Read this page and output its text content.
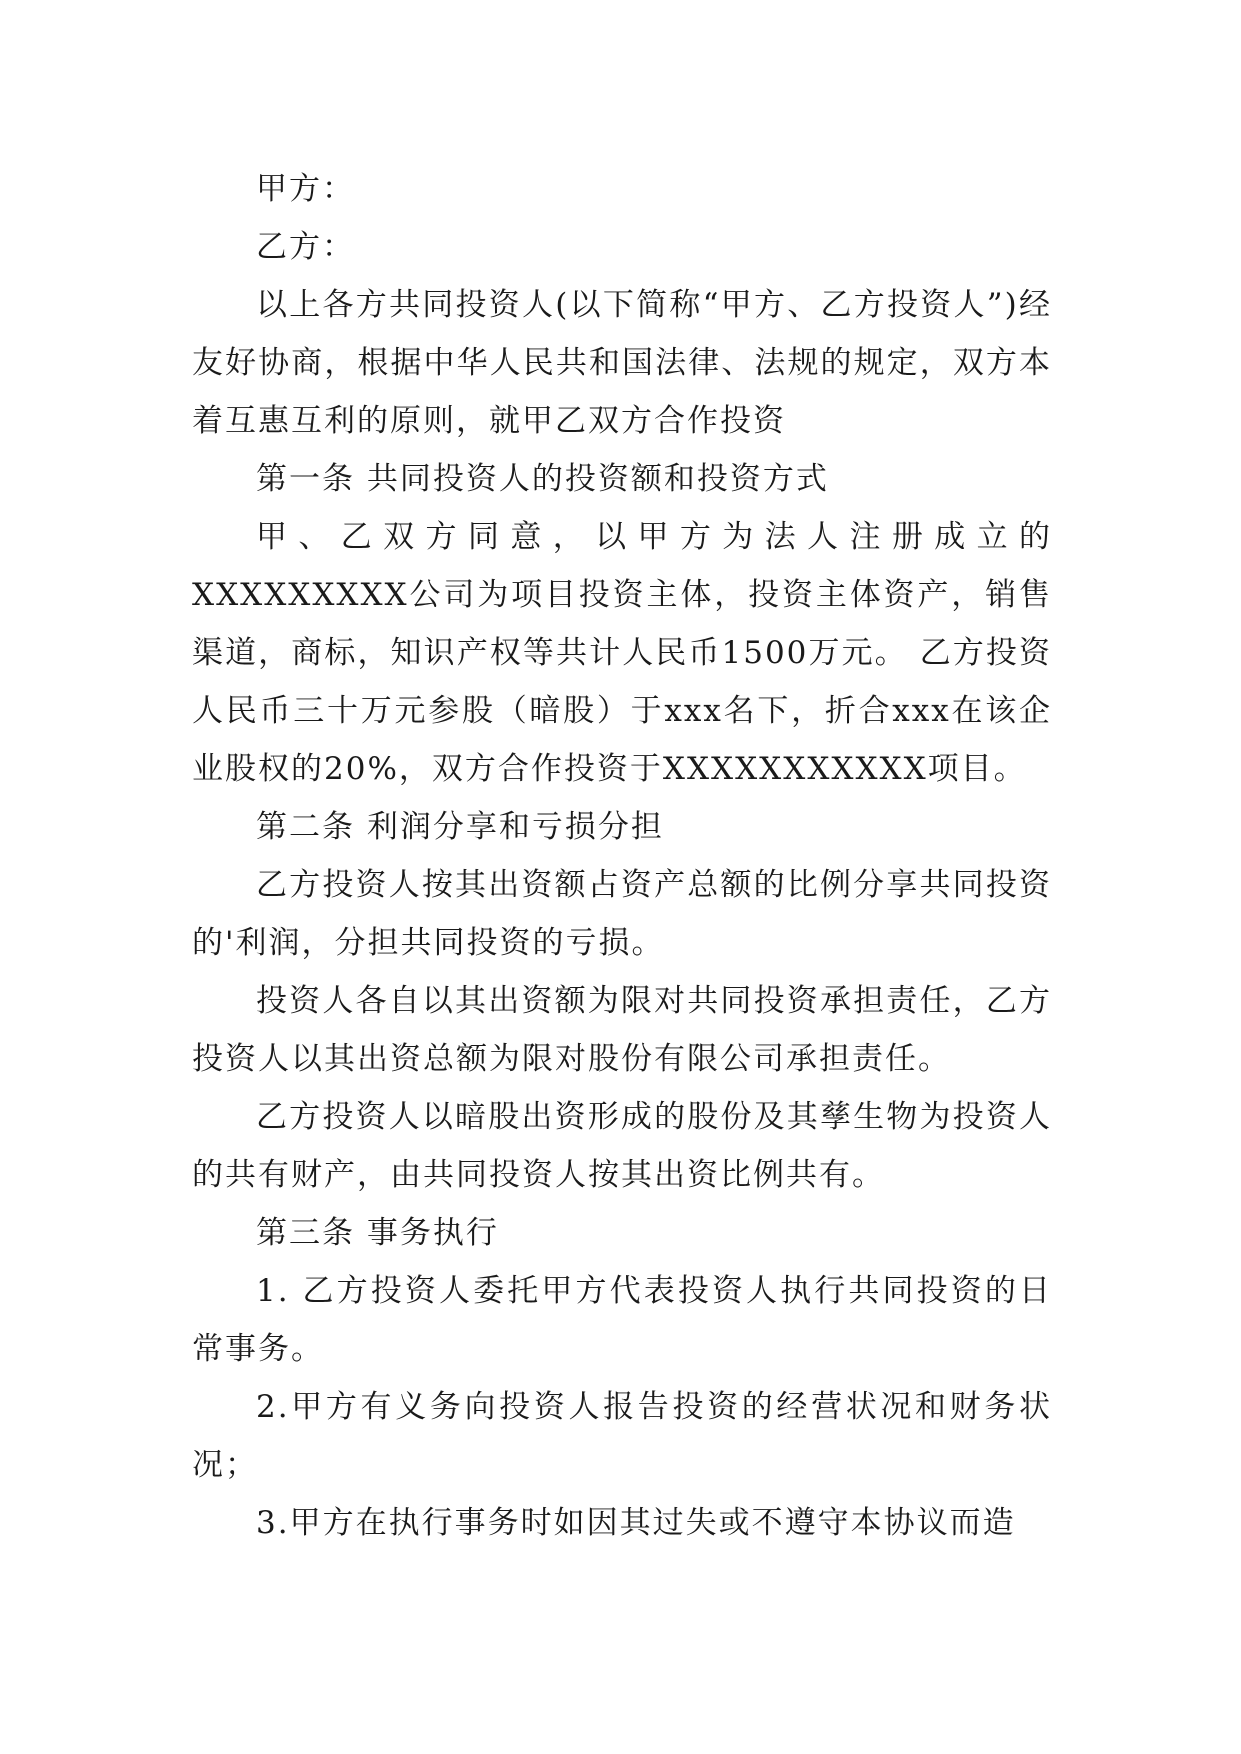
甲方：

乙方：

以上各方共同投资人(以下简称“甲方、乙方投资人”)经友好协商，根据中华人民共和国法律、法规的规定，双方本着互惠互利的原则，就甲乙双方合作投资

第一条 共同投资人的投资额和投资方式

甲、乙双方同意，以甲方为法人注册成立的XXXXXXXXX公司为项目投资主体，投资主体资产，销售渠道，商标，知识产权等共计人民币1500万元。 乙方投资人民币三十万元参股（暗股）于xxx名下，折合xxx在该企业股权的20%，双方合作投资于XXXXXXXXXXX项目。

第二条 利润分享和亏损分担

乙方投资人按其出资额占资产总额的比例分享共同投资的'利润，分担共同投资的亏损。

投资人各自以其出资额为限对共同投资承担责任，乙方投资人以其出资总额为限对股份有限公司承担责任。

乙方投资人以暗股出资形成的股份及其孳生物为投资人的共有财产，由共同投资人按其出资比例共有。

第三条 事务执行

1. 乙方投资人委托甲方代表投资人执行共同投资的日常事务。

2.甲方有义务向投资人报告投资的经营状况和财务状况；

3.甲方在执行事务时如因其过失或不遵守本协议而造
